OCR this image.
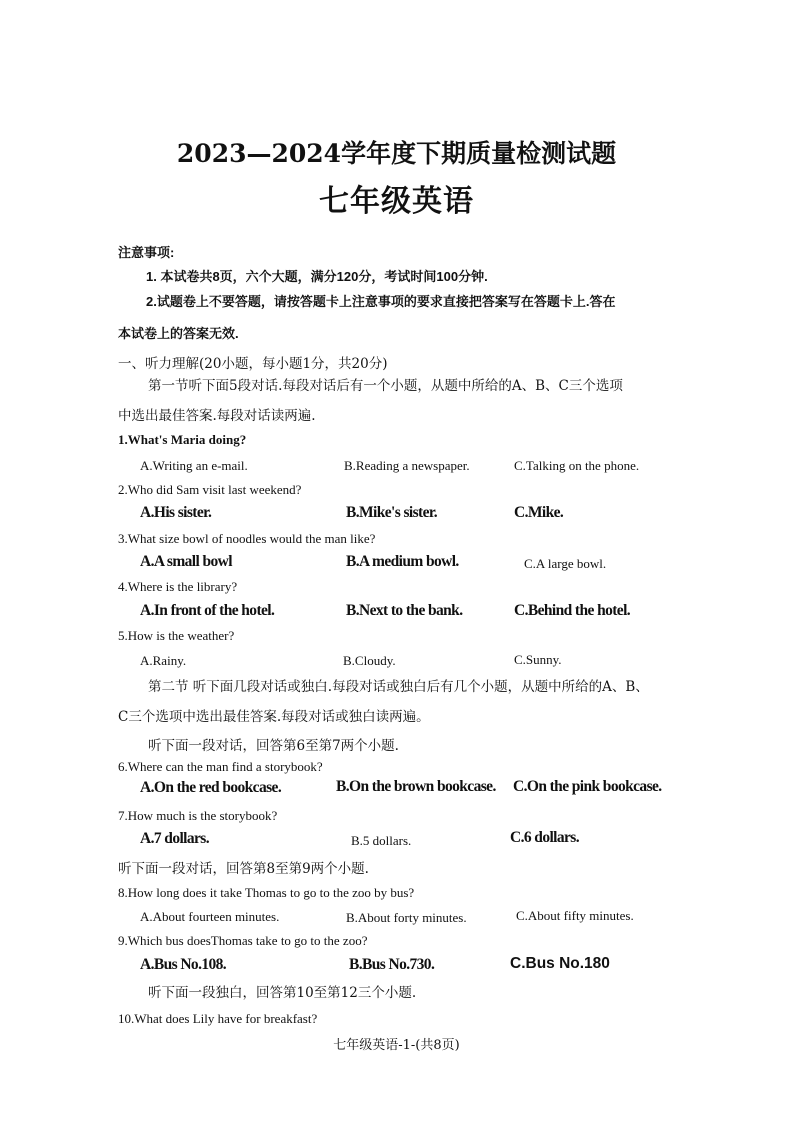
2023—2024学年度下期质量检测试题
七年级英语
注意事项:
1. 本试卷共8页，六个大题，满分120分，考试时间100分钟.
2.试题卷上不要答题，请按答题卡上注意事项的要求直接把答案写在答题卡上.答在
本试卷上的答案无效.
一、听力理解(20小题，每小题1分，共20分)
第一节听下面5段对话.每段对话后有一个小题，从题中所给的A、B、C三个选项
中选出最佳答案.每段对话读两遍.
1.What's Maria doing?
A.Writing an e-mail.	B.Reading a newspaper.	C.Talking on the phone.
2.Who did Sam visit last weekend?
A.His sister.	B.Mike's sister.	C.Mike.
3.What size bowl of noodles would the man like?
A.A small bowl	B.A medium bowl.	C.A large bowl.
4.Where is the library?
A.In front of the hotel.	B.Next to the bank.	C.Behind the hotel.
5.How is the weather?
A.Rainy.	B.Cloudy.	C.Sunny.
第二节 听下面几段对话或独白.每段对话或独白后有几个小题，从题中所给的A、B、
C三个选项中选出最佳答案.每段对话或独白读两遍。
听下面一段对话，回答第6至第7两个小题.
6.Where can the man find a storybook?
A.On the red bookcase.	B.On the brown bookcase. C.On the pink bookcase.
7.How much is the storybook?
A.7 dollars.	B.5 dollars.	C.6 dollars.
听下面一段对话，回答第8至第9两个小题.
8.How long does it take Thomas to go to the zoo by bus?
A.About fourteen minutes.	B.About forty minutes.	C.About fifty minutes.
9.Which bus doesThomas take to go to the zoo?
A.Bus No.108.	B.Bus No.730.	C.Bus No.180
听下面一段独白，回答第10至第12三个小题.
10.What does Lily have for breakfast?
七年级英语-1-(共8页)
